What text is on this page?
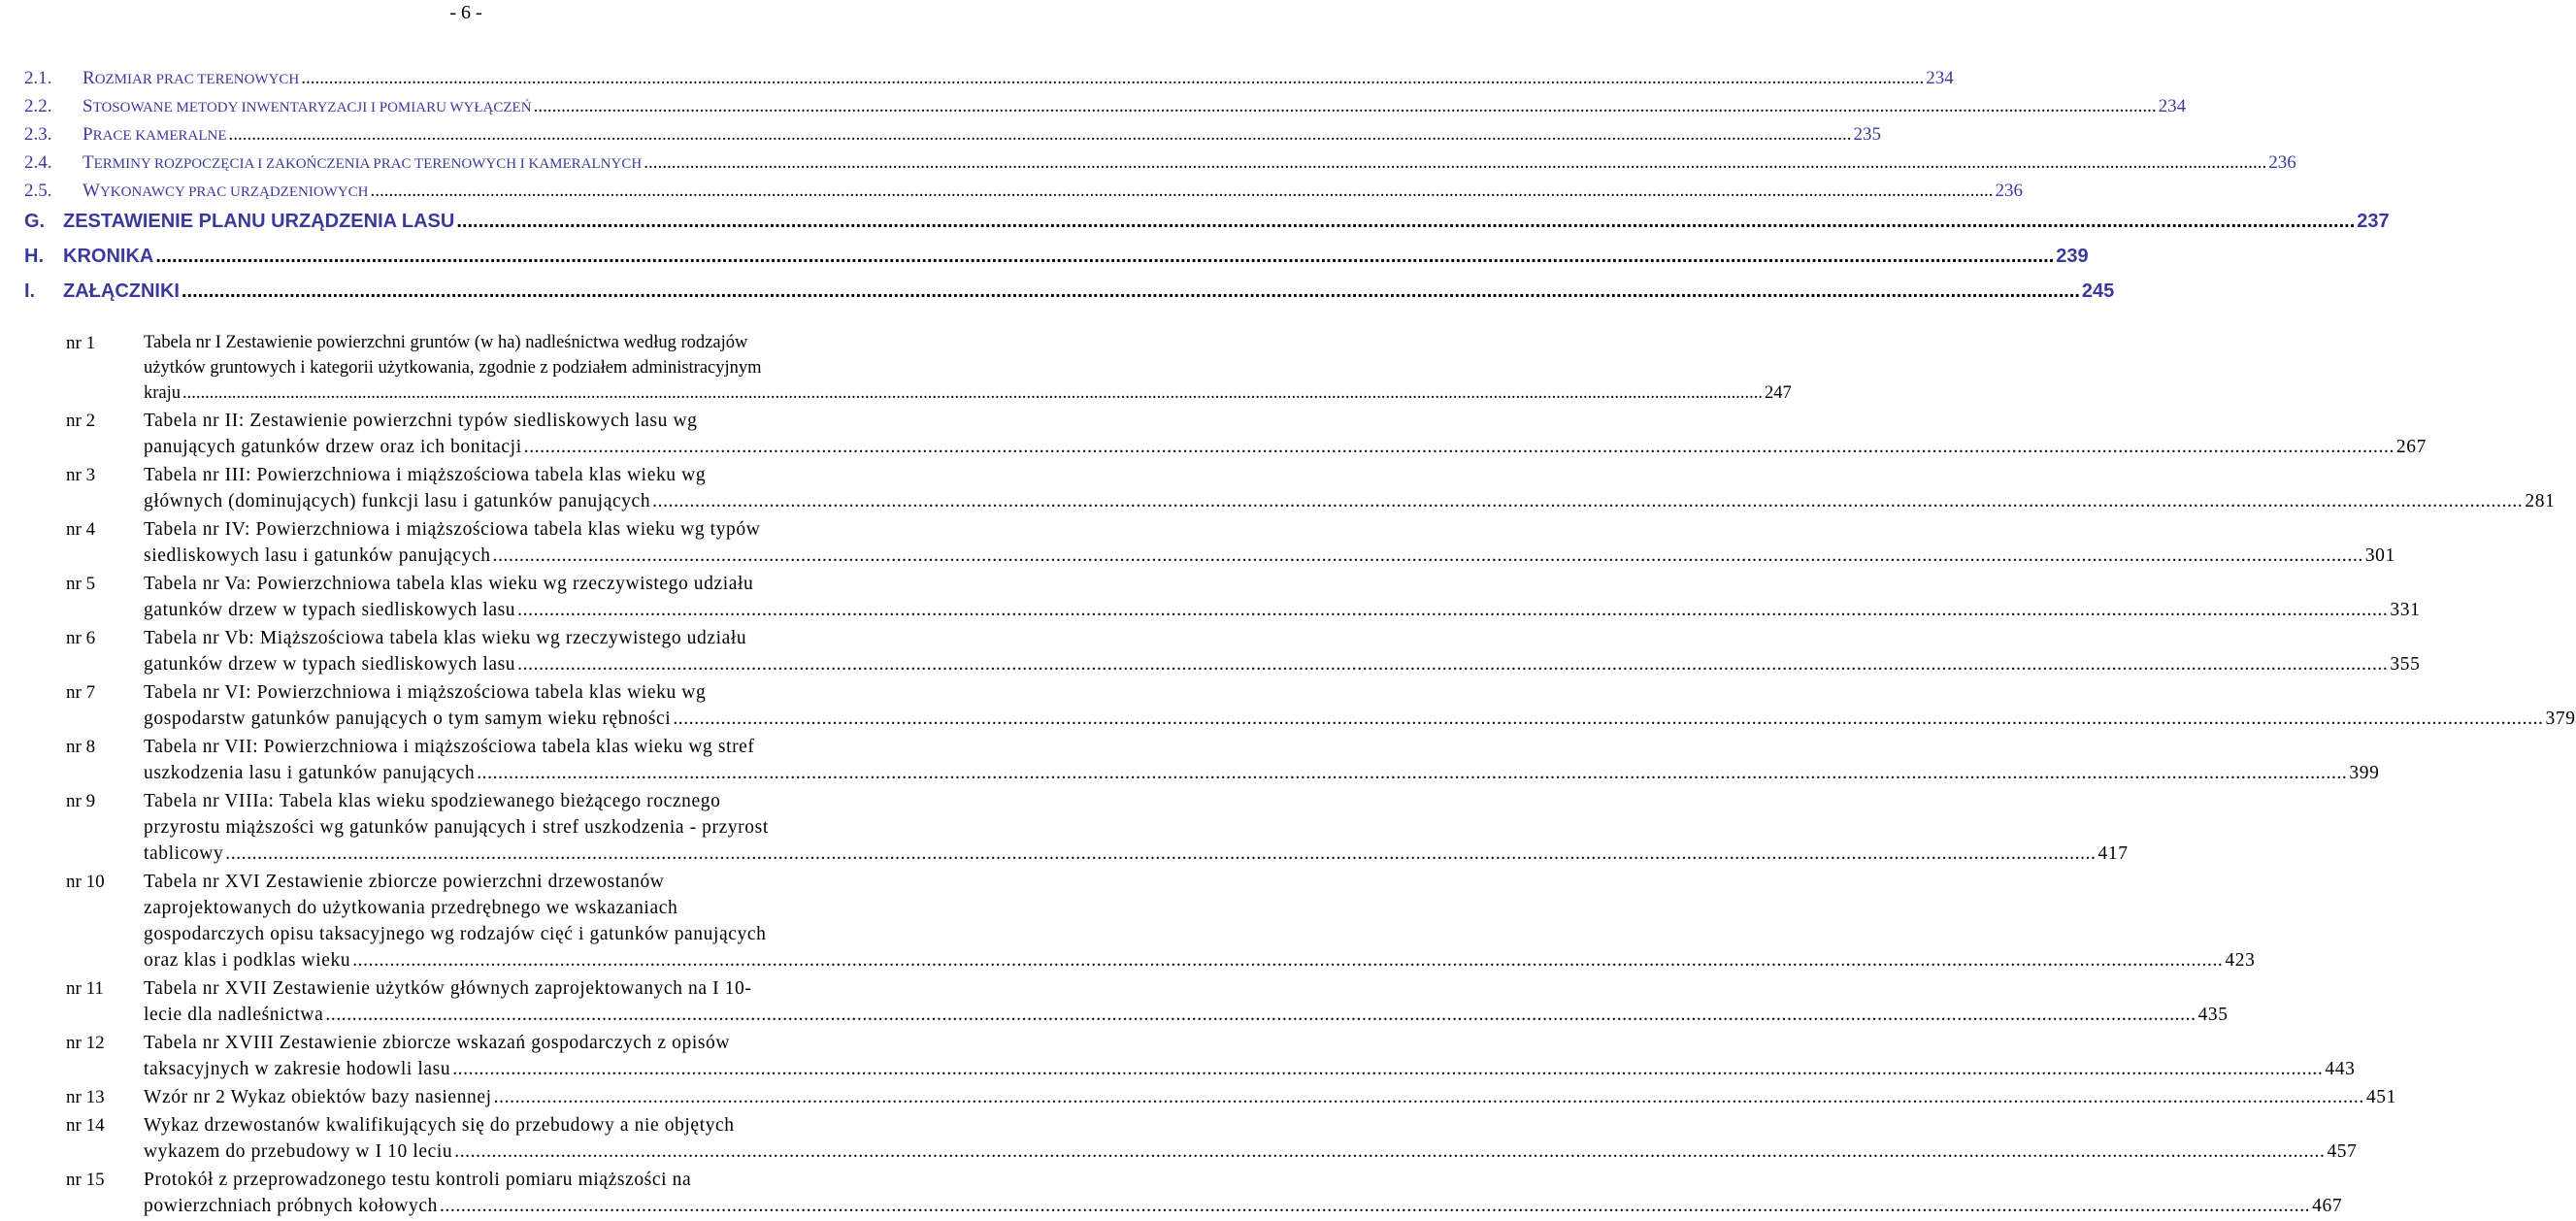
- 6 -
2.1.	ROZMIAR PRAC TERENOWYCH .....	234
2.2.	STOSOWANE METODY INWENTARYZACJI I POMIARU WYŁĄCZEŃ .....	234
2.3.	PRACE KAMERALNE .....	235
2.4.	TERMINY ROZPOCZĘCIA I ZAKOŃCZENIA PRAC TERENOWYCH I KAMERALNYCH .....	236
2.5.	WYKONAWCY PRAC URZĄDZENIOWYCH .....	236
G. ZESTAWIENIE PLANU URZĄDZENIA LASU .....	237
H.	KRONIKA .....	239
I.	ZAŁĄCZNIKI .....	245
nr 1	Tabela nr I Zestawienie powierzchni gruntów (w ha) nadleśnictwa według rodzajów
użytków gruntowych i kategorii użytkowania, zgodnie z podziałem administracyjnym
kraju .....	247
nr 2	Tabela nr II: Zestawienie powierzchni typów siedliskowych lasu wg
panujących gatunków drzew oraz ich bonitacji .....	267
nr 3	Tabela nr III: Powierzchniowa i miąższościowa tabela klas wieku wg
głównych (dominujących) funkcji lasu i gatunków panujących .....	281
nr 4	Tabela nr IV: Powierzchniowa i miąższościowa tabela klas wieku wg typów
siedliskowych lasu i gatunków panujących .....	301
nr 5	Tabela nr Va: Powierzchniowa tabela klas wieku wg rzeczywistego udziału
gatunków drzew w typach siedliskowych lasu .....	331
nr 6	Tabela nr Vb: Miąższościowa tabela klas wieku wg rzeczywistego udziału
gatunków drzew w typach siedliskowych lasu .....	355
nr 7	Tabela nr VI: Powierzchniowa i miąższościowa tabela klas wieku wg
gospodarstw gatunków panujących o tym samym wieku rębności .....	379
nr 8	Tabela nr VII: Powierzchniowa i miąższościowa tabela klas wieku wg stref
uszkodzenia lasu i gatunków panujących .....	399
nr 9	Tabela nr VIIIa: Tabela klas wieku spodziewanego bieżącego rocznego
przyrostu miąższości wg gatunków panujących i stref uszkodzenia - przyrost
tablicowy .....	417
nr 10	Tabela nr XVI Zestawienie zbiorcze powierzchni drzewostanów
zaprojektowanych do użytkowania przedrębnego we wskazaniach
gospodarczych opisu taksacyjnego wg rodzajów cięć i gatunków panujących
oraz klas i podklas wieku .....	423
nr 11	Tabela nr XVII Zestawienie użytków głównych zaprojektowanych na I 10-
lecie dla nadleśnictwa .....	435
nr 12	Tabela nr XVIII Zestawienie zbiorcze wskazań gospodarczych z opisów
taksacyjnych w zakresie hodowli lasu .....	443
nr 13	Wzór nr 2 Wykaz obiektów bazy nasiennej .....	451
nr 14	Wykaz drzewostanów kwalifikujących się do przebudowy a nie objętych
wykazem do przebudowy w I 10 leciu .....	457
nr 15	Protokół z przeprowadzonego testu kontroli pomiaru miąższości na
powierzchniach próbnych kołowych .....	467
